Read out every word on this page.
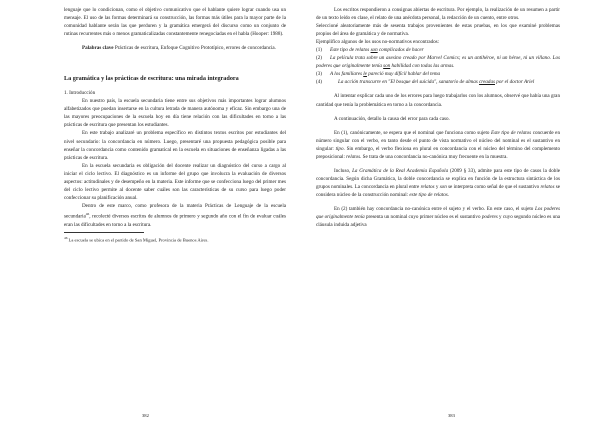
lenguaje que lo condicionan, como el objetivo comunicativo que el hablante quiere lograr cuando usa un mensaje. El uso de las formas determinará su construcción, las formas más útiles para la mayor parte de la comunidad hablante serán las que perduren y la gramática emergerá del discurso como un conjunto de rutinas recurrentes más o menos gramaticalizadas constantemente renegociadas en el habla (Hooper: 1988).

Palabras clave Prácticas de escritura, Enfoque Cognitivo Prototípico, errores de concordancia.

La gramática y las prácticas de escritura: una mirada integradora

1. Introducción

En nuestro país, la escuela secundaria tiene entre sus objetivos más importantes lograr alumnos alfabetizados que puedan insertarse en la cultura letrada de manera autónoma y eficaz. Sin embargo una de las mayores preocupaciones de la escuela hoy en día tiene relación con las dificultades en torno a las prácticas de escritura que presentan los estudiantes.

En este trabajo analizaré un problema específico en distintos textos escritos por estudiantes del nivel secundario: la concordancia en número. Luego, presentaré una propuesta pedagógica posible para enseñar la concordancia como contenido gramatical en la escuela en situaciones de enseñanza ligadas a las prácticas de escritura.

En la escuela secundaria es obligación del docente realizar un diagnóstico del curso a cargo al iniciar el ciclo lectivo. El diagnóstico es un informe del grupo que involucra la evaluación de diversos aspectos: actitudinales y de desempeño en la materia. Este informe que se confecciona luego del primer mes del ciclo lectivo permite al docente saber cuáles son las características de su curso para luego poder confeccionar su planificación anual.

Dentro de este marco, como profesora de la materia Prácticas de Lenguaje de la escuela secundaria$^{46}$, recolecté diversos escritos de alumnos de primero y segundo año con el fin de evaluar cuáles eran las dificultades en torno a la escritura.

$^{46}$ La escuela se ubica en el partido de San Miguel, Provincia de Buenos Aires.

382

Los escritos respondieron a consignas abiertas de escritura. Por ejemplo, la realización de un resumen a partir de un texto leído en clase, el relato de una anécdota personal, la redacción de un cuento, entre otros.

Seleccioné aleatoriamente más de sesenta trabajos provenientes de estas pruebas, en los que examiné problemas propios del área de gramática y de normativa.

Ejemplifico algunos de los usos no-normativos encontrados:

(1) Este tipo de relatos son complicados de hacer

(2) La película trata sobre un asesino creado por Marvel Comics; es un antihéroe, ni un héroe, ni un villano. Los poderes que originalmente tenía son habilidad con todas las armas.

(3) A los familiares le pareció muy difícil hablar del tema

(4)	La acción transcurre en "El bosque del suicida", sanatorio de almas creadas por el doctor Ariel

Al intentar explicar cada uno de los errores para luego trabajarlos con los alumnos, observé que había una gran cantidad que tenía la problemática en torno a la concordancia.

A continuación, detallo la causa del error para cada caso.

En (1), canónicamente, se espera que el nominal que funciona como sujeto Este tipo de relatos concuerde en número singular con el verbo, en tanto desde el punto de vista normativo el núcleo del nominal es el sustantivo en singular: tipo. Sin embargo, el verbo flexiona en plural en concordancia con el núcleo del término del complemento preposicional: relatos. Se trata de una concordancia no-canónica muy frecuente en la muestra.

Incluso, La Gramática de la Real Academia Española (2009 § 33), admite para este tipo de casos la doble concordancia. Según dicha Gramática, la doble concordancia se explica en función de la estructura sintáctica de los grupos nominales. La concordancia en plural entre relatos y son se interpreta como señal de que el sustantivo relatos se considera núcleo de la construcción nominal: este tipo de relatos.

En (2) también hay concordancia no-canónica entre el sujeto y el verbo. En este caso, el sujeto Los poderes que originalmente tenía presenta un nominal cuyo primer núcleo es el sustantivo poderes y cuyo segundo núcleo es una cláusula induida adjetiva

383
